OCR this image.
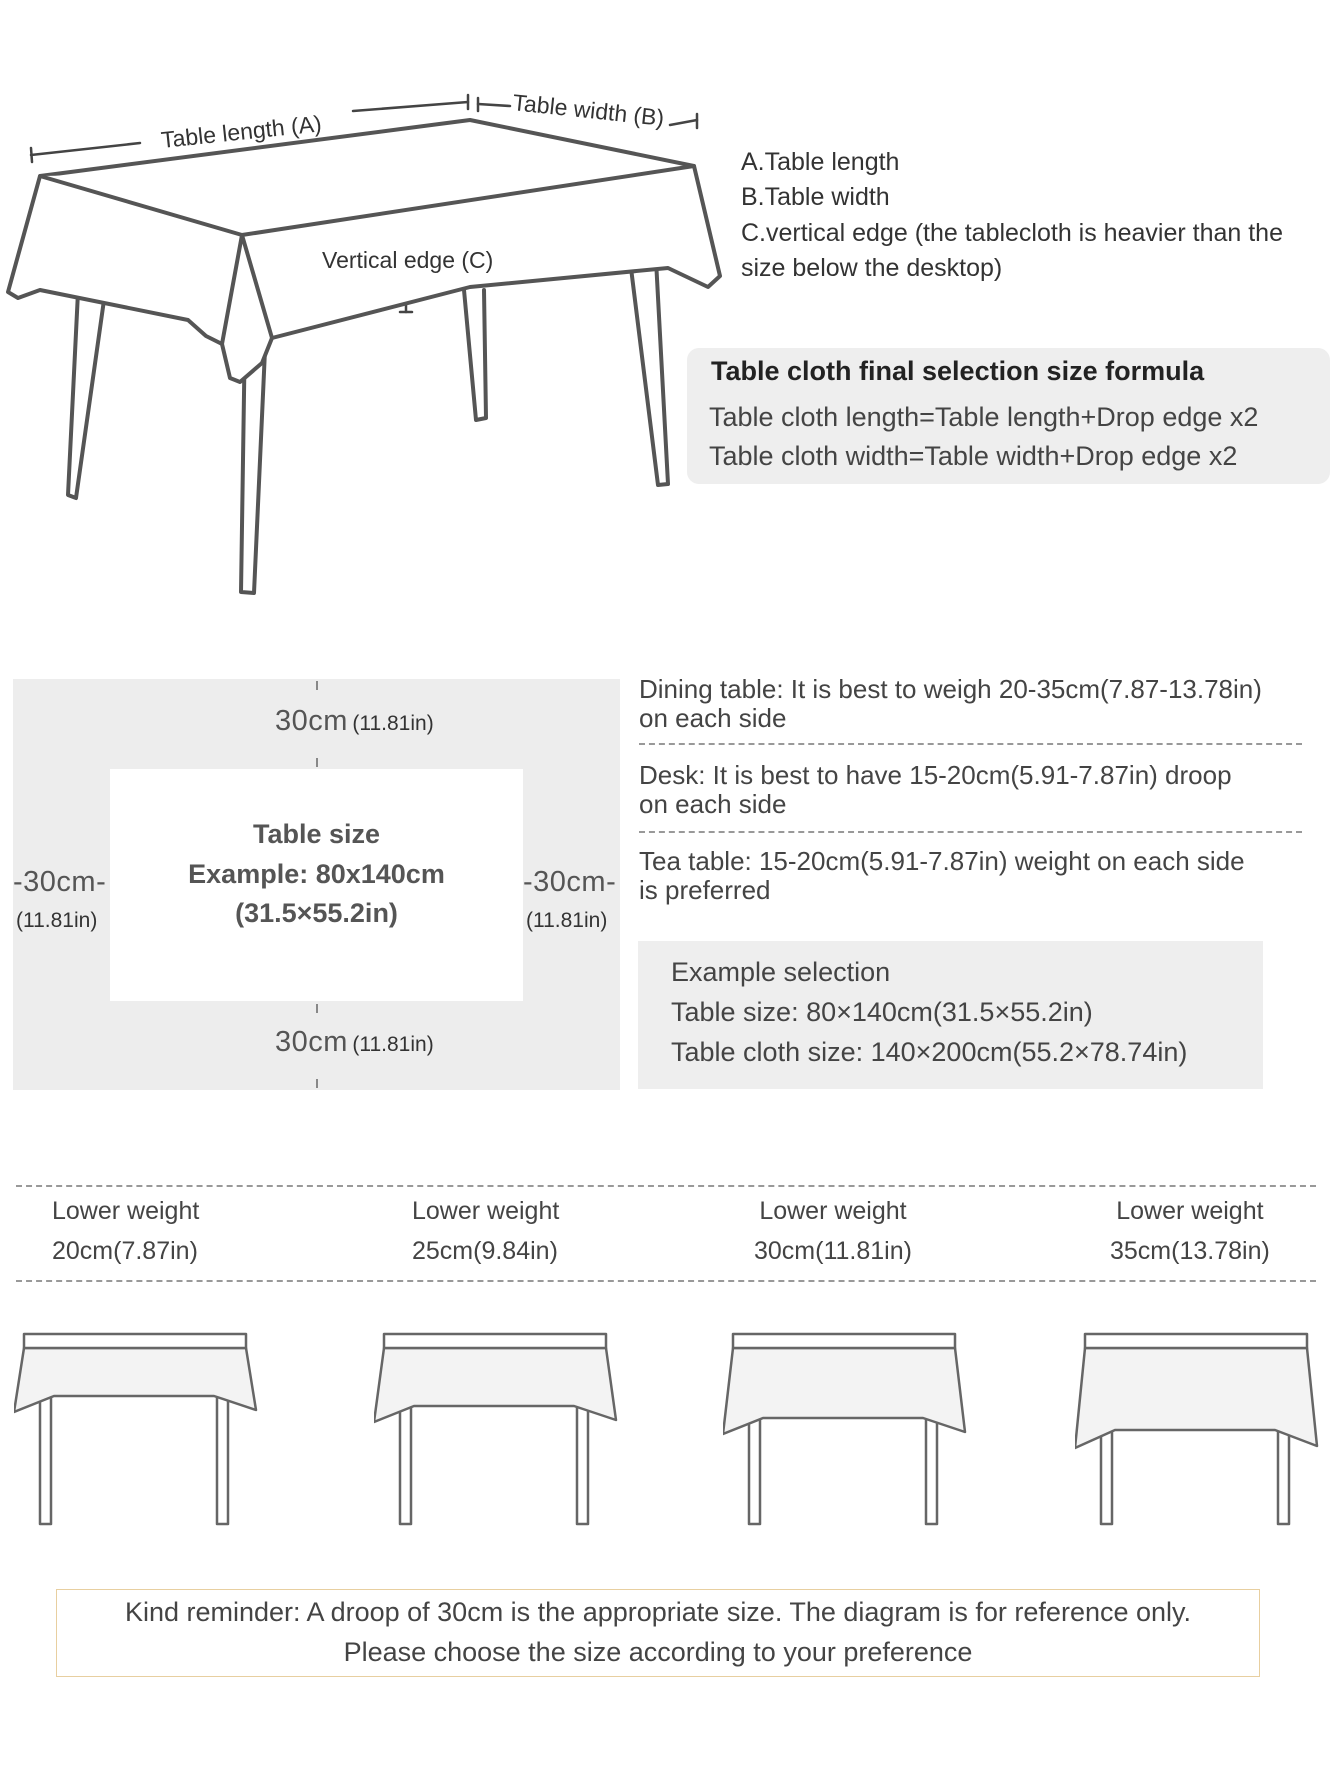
Table length (A)
Table width (B)
Vertical edge (C)
A.Table length
B.Table width
C.vertical edge (the tablecloth is heavier than the
size below the desktop)
Table cloth final selection size formula
Table cloth length=Table length+Drop edge x2
Table cloth width=Table width+Drop edge x2
30cm (11.81in)
Table size
Example: 80x140cm
(31.5×55.2in)
-30cm-
(11.81in)
-30cm-
(11.81in)
30cm (11.81in)
Dining table: It is best to weigh 20-35cm(7.87-13.78in)
on each side
Desk: It is best to have 15-20cm(5.91-7.87in) droop
on each side
Tea table: 15-20cm(5.91-7.87in) weight on each side
is preferred
Example selection
Table size: 80×140cm(31.5×55.2in)
Table cloth size: 140×200cm(55.2×78.74in)
Lower weight
20cm(7.87in)
Lower weight
25cm(9.84in)
Lower weight
30cm(11.81in)
Lower weight
35cm(13.78in)
Kind reminder: A droop of 30cm is the appropriate size. The diagram is for reference only.
Please choose the size according to your preference
